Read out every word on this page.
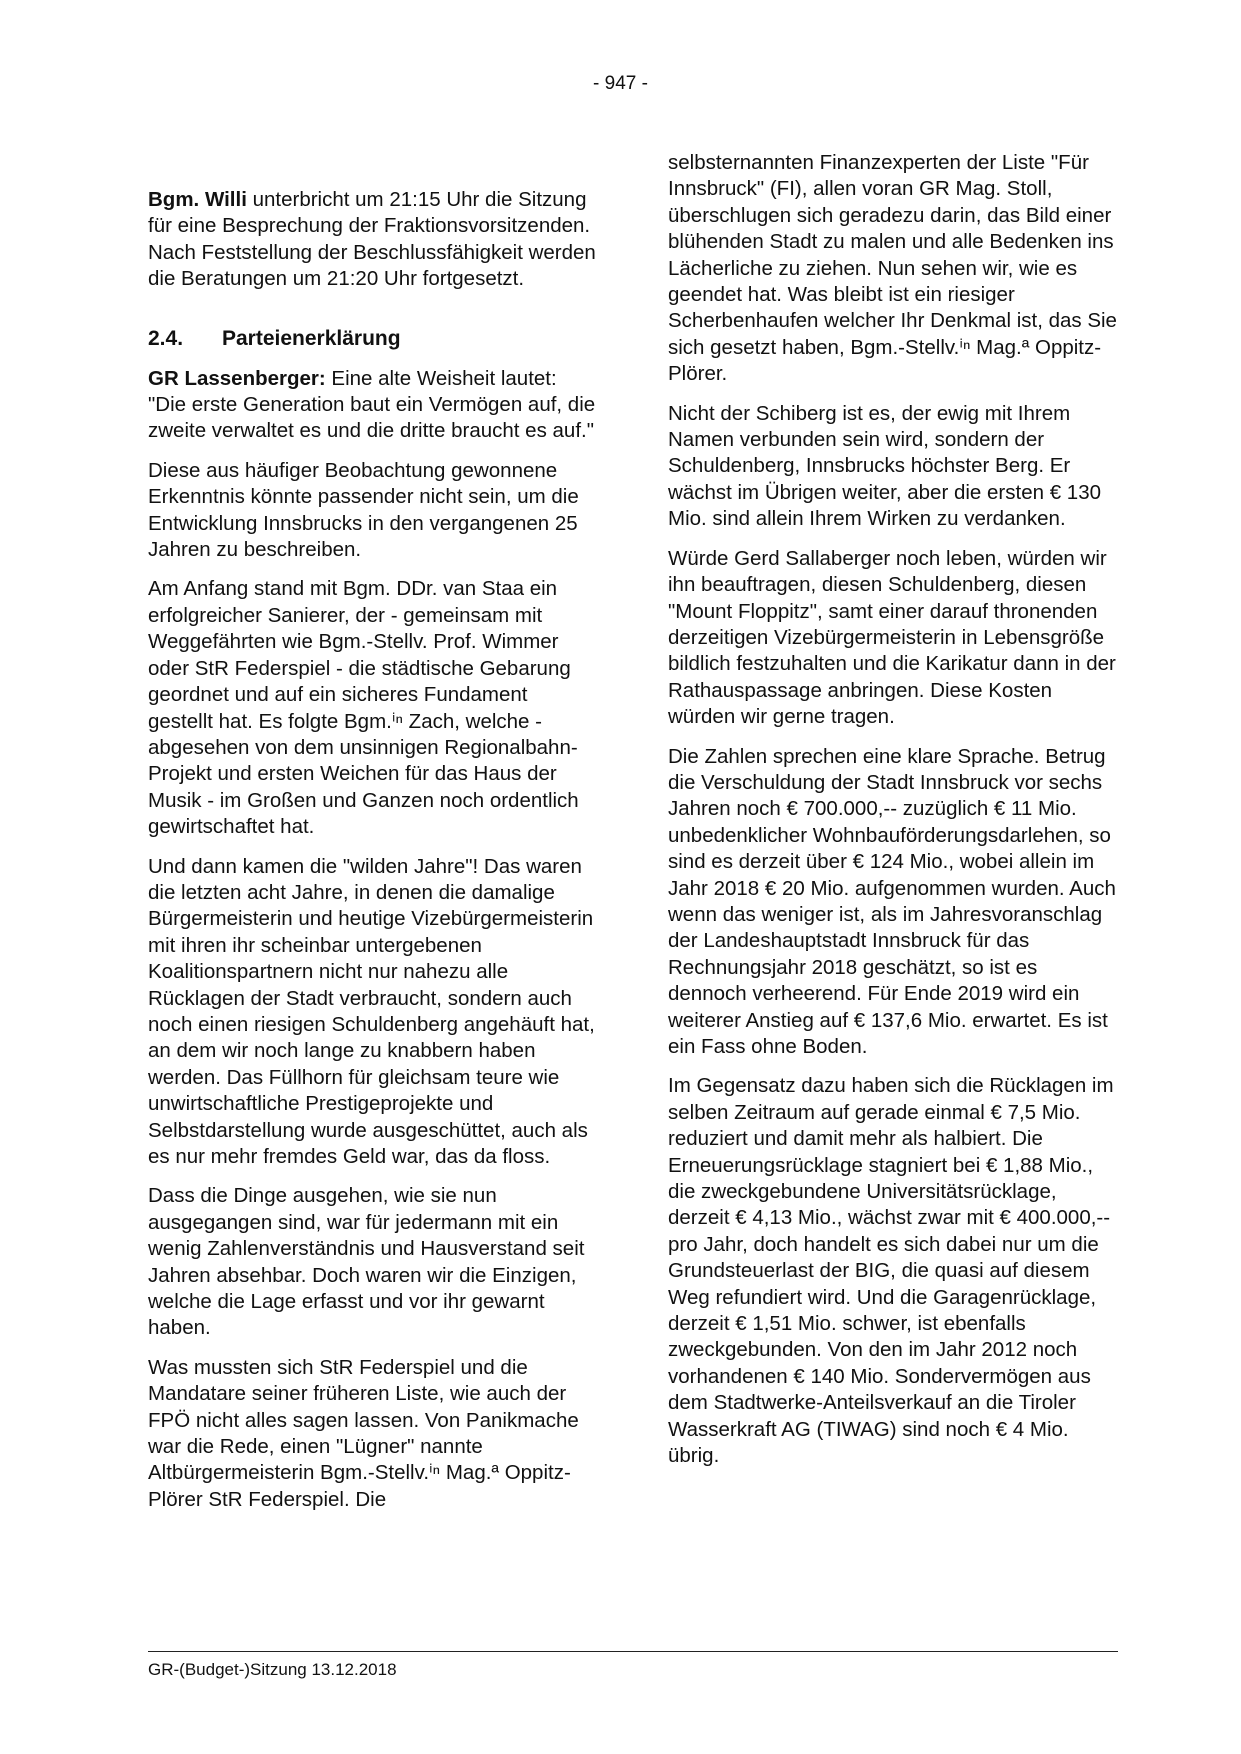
- 947 -

Bgm. Willi unterbricht um 21:15 Uhr die Sitzung für eine Besprechung der Fraktionsvorsitzenden. Nach Feststellung der Beschlussfähigkeit werden die Beratungen um 21:20 Uhr fortgesetzt.

2.4. Parteienerklärung

GR Lassenberger: Eine alte Weisheit lautet: "Die erste Generation baut ein Vermögen auf, die zweite verwaltet es und die dritte braucht es auf."

Diese aus häufiger Beobachtung gewonnene Erkenntnis könnte passender nicht sein, um die Entwicklung Innsbrucks in den vergangenen 25 Jahren zu beschreiben.

Am Anfang stand mit Bgm. DDr. van Staa ein erfolgreicher Sanierer, der - gemeinsam mit Weggefährten wie Bgm.-Stellv. Prof. Wimmer oder StR Federspiel - die städtische Gebarung geordnet und auf ein sicheres Fundament gestellt hat. Es folgte Bgm.ⁱⁿ Zach, welche - abgesehen von dem unsinnigen Regionalbahn-Projekt und ersten Weichen für das Haus der Musik - im Großen und Ganzen noch ordentlich gewirtschaftet hat.

Und dann kamen die "wilden Jahre"! Das waren die letzten acht Jahre, in denen die damalige Bürgermeisterin und heutige Vizebürgermeisterin mit ihren ihr scheinbar untergebenen Koalitionspartnern nicht nur nahezu alle Rücklagen der Stadt verbraucht, sondern auch noch einen riesigen Schuldenberg angehäuft hat, an dem wir noch lange zu knabbern haben werden. Das Füllhorn für gleichsam teure wie unwirtschaftliche Prestigeprojekte und Selbstdarstellung wurde ausgeschüttet, auch als es nur mehr fremdes Geld war, das da floss.

Dass die Dinge ausgehen, wie sie nun ausgegangen sind, war für jedermann mit ein wenig Zahlenverständnis und Hausverstand seit Jahren absehbar. Doch waren wir die Einzigen, welche die Lage erfasst und vor ihr gewarnt haben.

Was mussten sich StR Federspiel und die Mandatare seiner früheren Liste, wie auch der FPÖ nicht alles sagen lassen. Von Panikmache war die Rede, einen "Lügner" nannte Altbürgermeisterin Bgm.-Stellv.ⁱⁿ Mag.ª Oppitz-Plörer StR Federspiel. Die

selbsternannten Finanzexperten der Liste "Für Innsbruck" (FI), allen voran GR Mag. Stoll, überschlugen sich geradezu darin, das Bild einer blühenden Stadt zu malen und alle Bedenken ins Lächerliche zu ziehen. Nun sehen wir, wie es geendet hat. Was bleibt ist ein riesiger Scherbenhaufen welcher Ihr Denkmal ist, das Sie sich gesetzt haben, Bgm.-Stellv.ⁱⁿ Mag.ª Oppitz-Plörer.

Nicht der Schiberg ist es, der ewig mit Ihrem Namen verbunden sein wird, sondern der Schuldenberg, Innsbrucks höchster Berg. Er wächst im Übrigen weiter, aber die ersten € 130 Mio. sind allein Ihrem Wirken zu verdanken.

Würde Gerd Sallaberger noch leben, würden wir ihn beauftragen, diesen Schuldenberg, diesen "Mount Floppitz", samt einer darauf thronenden derzeitigen Vizebürgermeisterin in Lebensgröße bildlich festzuhalten und die Karikatur dann in der Rathauspassage anbringen. Diese Kosten würden wir gerne tragen.

Die Zahlen sprechen eine klare Sprache. Betrug die Verschuldung der Stadt Innsbruck vor sechs Jahren noch € 700.000,-- zuzüglich € 11 Mio. unbedenklicher Wohnbauförderungsdarlehen, so sind es derzeit über € 124 Mio., wobei allein im Jahr 2018 € 20 Mio. aufgenommen wurden. Auch wenn das weniger ist, als im Jahresvoranschlag der Landeshauptstadt Innsbruck für das Rechnungsjahr 2018 geschätzt, so ist es dennoch verheerend. Für Ende 2019 wird ein weiterer Anstieg auf € 137,6 Mio. erwartet. Es ist ein Fass ohne Boden.

Im Gegensatz dazu haben sich die Rücklagen im selben Zeitraum auf gerade einmal € 7,5 Mio. reduziert und damit mehr als halbiert. Die Erneuerungsrücklage stagniert bei € 1,88 Mio., die zweckgebundene Universitätsrücklage, derzeit € 4,13 Mio., wächst zwar mit € 400.000,-- pro Jahr, doch handelt es sich dabei nur um die Grundsteuerlast der BIG, die quasi auf diesem Weg refundiert wird. Und die Garagenrücklage, derzeit € 1,51 Mio. schwer, ist ebenfalls zweckgebunden. Von den im Jahr 2012 noch vorhandenen € 140 Mio. Sondervermögen aus dem Stadtwerke-Anteilsverkauf an die Tiroler Wasserkraft AG (TIWAG) sind noch € 4 Mio. übrig.

GR-(Budget-)Sitzung 13.12.2018
